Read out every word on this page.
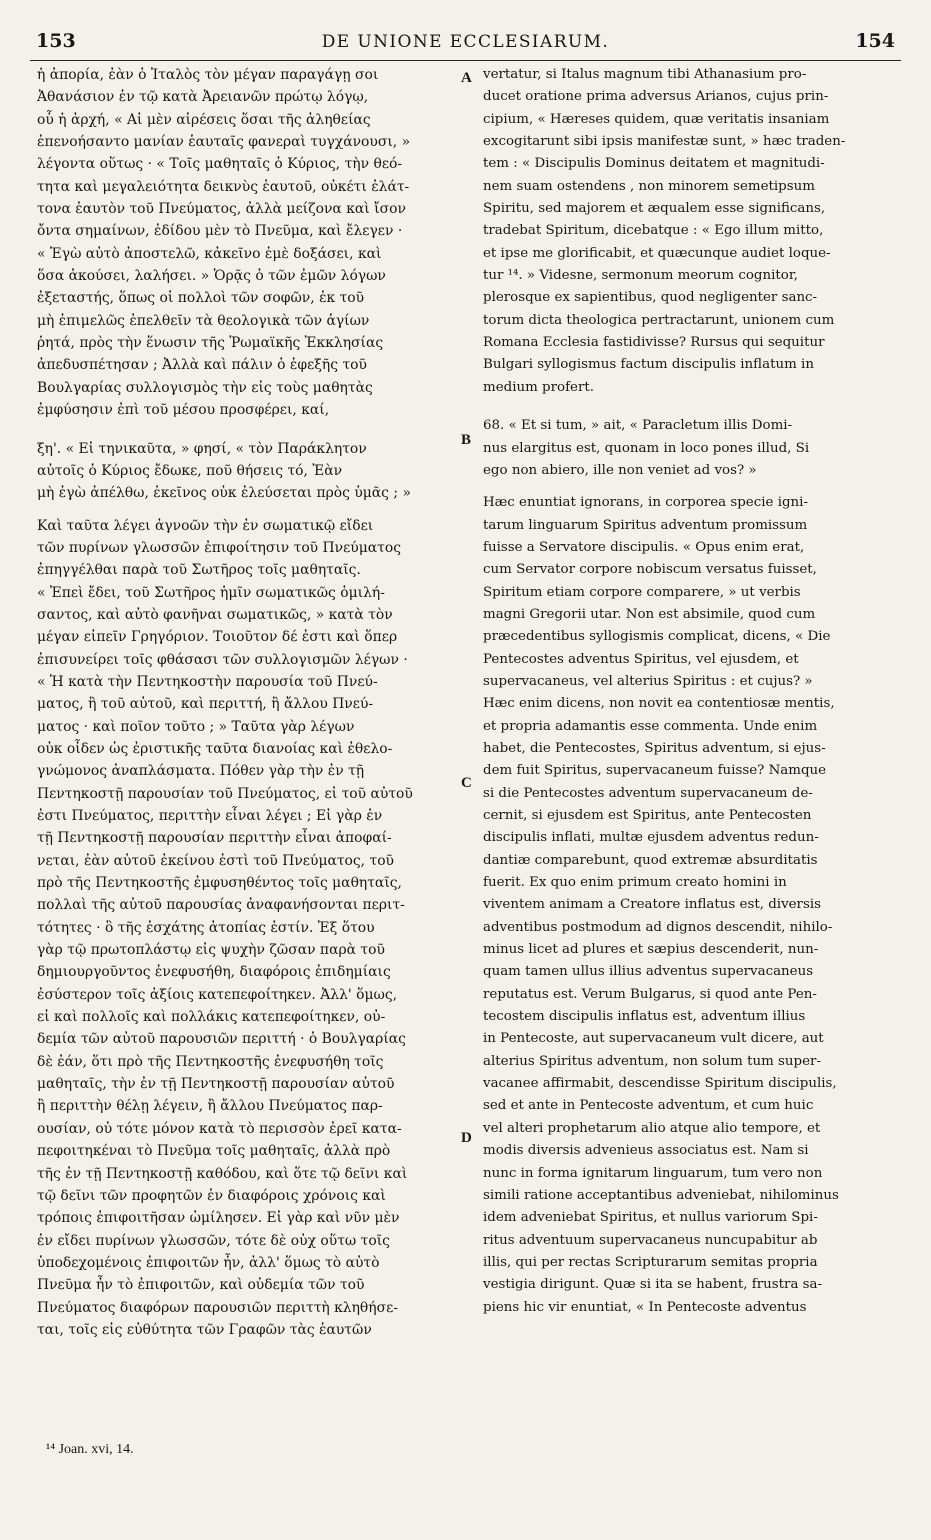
153	DE UNIONE ECCLESIARUM.	154

ἡ ἀπορία, ἐὰν ὁ Ἰταλὸς τὸν μέγαν παραγάγῃ σοι
Ἀθανάσιον ἐν τῷ κατὰ Ἀρειανῶν πρώτῳ λόγῳ,
οὗ ἡ ἀρχή, « Αἱ μὲν αἱρέσεις ὅσαι τῆς ἀληθείας
ἐπενοήσαντο μανίαν ἑαυταῖς φανεραὶ τυγχάνουσι, »
λέγοντα οὕτως · « Τοῖς μαθηταῖς ὁ Κύριος, τὴν θεό-
τητα καὶ μεγαλειότητα δεικνὺς ἑαυτοῦ, οὐκέτι ἐλάτ-
τονα ἑαυτὸν τοῦ Πνεύματος, ἀλλὰ μείζονα καὶ ἴσον
ὄντα σημαίνων, ἐδίδου μὲν τὸ Πνεῦμα, καὶ ἔλεγεν ·
« Ἐγὼ αὐτὸ ἀποστελῶ, κἀκεῖνο ἐμὲ δοξάσει, καὶ
ὅσα ἀκούσει, λαλήσει. » Ὁρᾷς ὁ τῶν ἐμῶν λόγων
ἐξεταστής, ὅπως οἱ πολλοὶ τῶν σοφῶν, ἐκ τοῦ
μὴ ἐπιμελῶς ἐπελθεῖν τὰ θεολογικὰ τῶν ἁγίων
ῥητά, πρὸς τὴν ἕνωσιν τῆς Ῥωμαϊκῆς Ἐκκλησίας
ἀπεδυσπέτησαν ; Ἀλλὰ καὶ πάλιν ὁ ἐφεξῆς τοῦ
Βουλγαρίας συλλογισμὸς τὴν εἰς τοὺς μαθητὰς
ἐμφύσησιν ἐπὶ τοῦ μέσου προσφέρει, καί,

ξη'. « Εἰ τηνικαῦτα, » φησί, « τὸν Παράκλητον
αὐτοῖς ὁ Κύριος ἔδωκε, ποῦ θήσεις τό, Ἐὰν
μὴ ἐγὼ ἀπέλθω, ἐκεῖνος οὐκ ἐλεύσεται πρὸς ὑμᾶς ; »

Καὶ ταῦτα λέγει ἀγνοῶν τὴν ἐν σωματικῷ εἴδει
τῶν πυρίνων γλωσσῶν ἐπιφοίτησιν τοῦ Πνεύματος
ἐπηγγέλθαι παρὰ τοῦ Σωτῆρος τοῖς μαθηταῖς.
« Ἐπεὶ ἔδει, τοῦ Σωτῆρος ἡμῖν σωματικῶς ὁμιλή-
σαντος, καὶ αὐτὸ φανῆναι σωματικῶς, » κατὰ τὸν
μέγαν εἰπεῖν Γρηγόριον. Τοιοῦτον δέ ἐστι καὶ ὅπερ
ἐπισυνείρει τοῖς φθάσασι τῶν συλλογισμῶν λέγων ·
« Ἡ κατὰ τὴν Πεντηκοστὴν παρουσία τοῦ Πνεύ-
ματος, ἢ τοῦ αὐτοῦ, καὶ περιττή, ἢ ἄλλου Πνεύ-
ματος · καὶ ποῖον τοῦτο ; » Ταῦτα γὰρ λέγων
οὐκ οἶδεν ὡς ἐριστικῆς ταῦτα διανοίας καὶ ἐθελο-
γνώμονος ἀναπλάσματα. Πόθεν γὰρ τὴν ἐν τῇ
Πεντηκοστῇ παρουσίαν τοῦ Πνεύματος, εἰ τοῦ αὐτοῦ
ἐστι Πνεύματος, περιττὴν εἶναι λέγει ; Εἰ γὰρ ἐν
τῇ Πεντηκοστῇ παρουσίαν περιττὴν εἶναι ἀποφαί-
νεται, ἐὰν αὐτοῦ ἐκείνου ἐστὶ τοῦ Πνεύματος, τοῦ
πρὸ τῆς Πεντηκοστῆς ἐμφυσηθέντος τοῖς μαθηταῖς,
πολλαὶ τῆς αὐτοῦ παρουσίας ἀναφανήσονται περιτ-
τότητες · ὃ τῆς ἐσχάτης ἀτοπίας ἐστίν. Ἐξ ὅτου
γὰρ τῷ πρωτοπλάστῳ εἰς ψυχὴν ζῶσαν παρὰ τοῦ
δημιουργοῦντος ἐνεφυσήθη, διαφόροις ἐπιδημίαις
ἐσύστερον τοῖς ἀξίοις κατεπεφοίτηκεν. Ἀλλ' ὅμως,
εἰ καὶ πολλοῖς καὶ πολλάκις κατεπεφοίτηκεν, οὐ-
δεμία τῶν αὐτοῦ παρουσιῶν περιττή · ὁ Βουλγαρίας
δὲ ἐάν, ὅτι πρὸ τῆς Πεντηκοστῆς ἐνεφυσήθη τοῖς
μαθηταῖς, τὴν ἐν τῇ Πεντηκοστῇ παρουσίαν αὐτοῦ
ἢ περιττὴν θέλῃ λέγειν, ἢ ἄλλου Πνεύματος παρ-
ουσίαν, οὐ τότε μόνον κατὰ τὸ περισσὸν ἐρεῖ κατα-
πεφοιτηκέναι τὸ Πνεῦμα τοῖς μαθηταῖς, ἀλλὰ πρὸ
τῆς ἐν τῇ Πεντηκοστῇ καθόδου, καὶ ὅτε τῷ δεῖνι καὶ
τῷ δεῖνι τῶν προφητῶν ἐν διαφόροις χρόνοις καὶ
τρόποις ἐπιφοιτῆσαν ὡμίλησεν. Εἰ γὰρ καὶ νῦν μὲν
ἐν εἴδει πυρίνων γλωσσῶν, τότε δὲ οὐχ οὕτω τοῖς
ὑποδεχομένοις ἐπιφοιτῶν ἦν, ἀλλ' ὅμως τὸ αὐτὸ
Πνεῦμα ἦν τὸ ἐπιφοιτῶν, καὶ οὐδεμία τῶν τοῦ
Πνεύματος διαφόρων παρουσιῶν περιττὴ κληθήσε-
ται, τοῖς εἰς εὐθύτητα τῶν Γραφῶν τὰς ἑαυτῶν

vertatur, si Italus magnum tibi Athanasium pro-
ducet oratione prima adversus Arianos, cujus prin-
cipium, « Hæreses quidem, quæ veritatis insaniam
excogitarunt sibi ipsis manifestæ sunt, » hæc traden-
tem : « Discipulis Dominus deitatem et magnitudi-
nem suam ostendens , non minorem semetipsum
Spiritu, sed majorem et æqualem esse significans,
tradebat Spiritum, dicebatque : « Ego illum mitto,
et ipse me glorificabit, et quæcunque audiet loque-
tur ¹⁴. » Videsne, sermonum meorum cognitor,
plerosque ex sapientibus, quod negligenter sanc-
torum dicta theologica pertractarunt, unionem cum
Romana Ecclesia fastidivisse? Rursus qui sequitur
Bulgari syllogismus factum discipulis inflatum in
medium profert.

68. « Et si tum, » ait, « Paracletum illis Domi-
nus elargitus est, quonam in loco pones illud, Si
ego non abiero, ille non veniet ad vos? »

Hæc enuntiat ignorans, in corporea specie igni-
tarum linguarum Spiritus adventum promissum
fuisse a Servatore discipulis. « Opus enim erat,
cum Servator corpore nobiscum versatus fuisset,
Spiritum etiam corpore comparere, » ut verbis
magni Gregorii utar. Non est absimile, quod cum
præcedentibus syllogismis complicat, dicens, « Die
Pentecostes adventus Spiritus, vel ejusdem, et
supervacaneus, vel alterius Spiritus : et cujus? »
Hæc enim dicens, non novit ea contentiosæ mentis,
et propria adamantis esse commenta. Unde enim
habet, die Pentecostes, Spiritus adventum, si ejus-
dem fuit Spiritus, supervacaneum fuisse? Namque
si die Pentecostes adventum supervacaneum de-
cernit, si ejusdem est Spiritus, ante Pentecosten
discipulis inflati, multæ ejusdem adventus redun-
dantiæ comparebunt, quod extremæ absurditatis
fuerit. Ex quo enim primum creato homini in
viventem animam a Creatore inflatus est, diversis
adventibus postmodum ad dignos descendit, nihilo-
minus licet ad plures et sæpius descenderit, nun-
quam tamen ullus illius adventus supervacaneus
reputatus est. Verum Bulgarus, si quod ante Pen-
tecostem discipulis inflatus est, adventum illius
in Pentecoste, aut supervacaneum vult dicere, aut
alterius Spiritus adventum, non solum tum super-
vacanee affirmabit, descendisse Spiritum discipulis,
sed et ante in Pentecoste adventum, et cum huic
vel alteri prophetarum alio atque alio tempore, et
modis diversis advenieus associatus est. Nam si
nunc in forma ignitarum linguarum, tum vero non
simili ratione acceptantibus adveniebat, nihilominus
idem adveniebat Spiritus, et nullus variorum Spi-
ritus adventuum supervacaneus nuncupabitur ab
illis, qui per rectas Scripturarum semitas propria
vestigia dirigunt. Quæ si ita se habent, frustra sa-
piens hic vir enuntiat, « In Pentecoste adventus

A
B
C
D
¹⁴ Joan. xvi, 14.
